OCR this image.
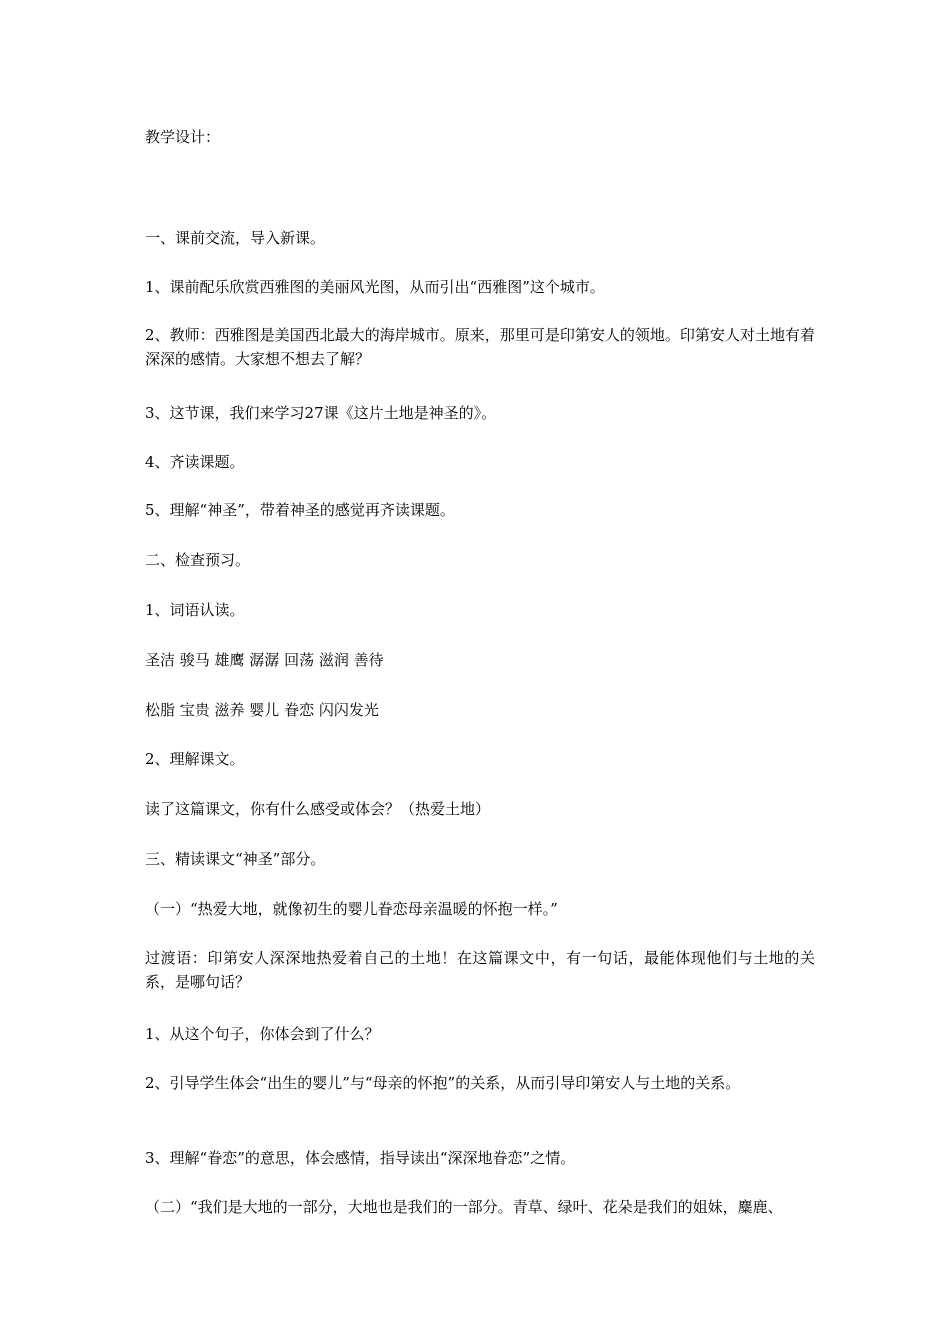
教学设计：
一、课前交流，导入新课。
1、课前配乐欣赏西雅图的美丽风光图，从而引出“西雅图”这个城市。
2、教师：西雅图是美国西北最大的海岸城市。原来，那里可是印第安人的领地。印第安人对土地有着深深的感情。大家想不想去了解？
3、这节课，我们来学习27课《这片土地是神圣的》。
4、齐读课题。
5、理解“神圣”，带着神圣的感觉再齐读课题。
二、检查预习。
1、词语认读。
圣洁 骏马 雄鹰 潺潺 回荡 滋润 善待
松脂 宝贵 滋养 婴儿 眷恋 闪闪发光
2、理解课文。
读了这篇课文，你有什么感受或体会？（热爱土地）
三、精读课文“神圣”部分。
（一）“热爱大地，就像初生的婴儿眷恋母亲温暖的怀抱一样。”
过渡语：印第安人深深地热爱着自己的土地！在这篇课文中，有一句话，最能体现他们与土地的关系，是哪句话？
1、从这个句子，你体会到了什么？
2、引导学生体会“出生的婴儿”与“母亲的怀抱”的关系，从而引导印第安人与土地的关系。
3、理解“眷恋”的意思，体会感情，指导读出“深深地眷恋”之情。
（二）“我们是大地的一部分，大地也是我们的一部分。青草、绿叶、花朵是我们的姐妹，麋鹿、
